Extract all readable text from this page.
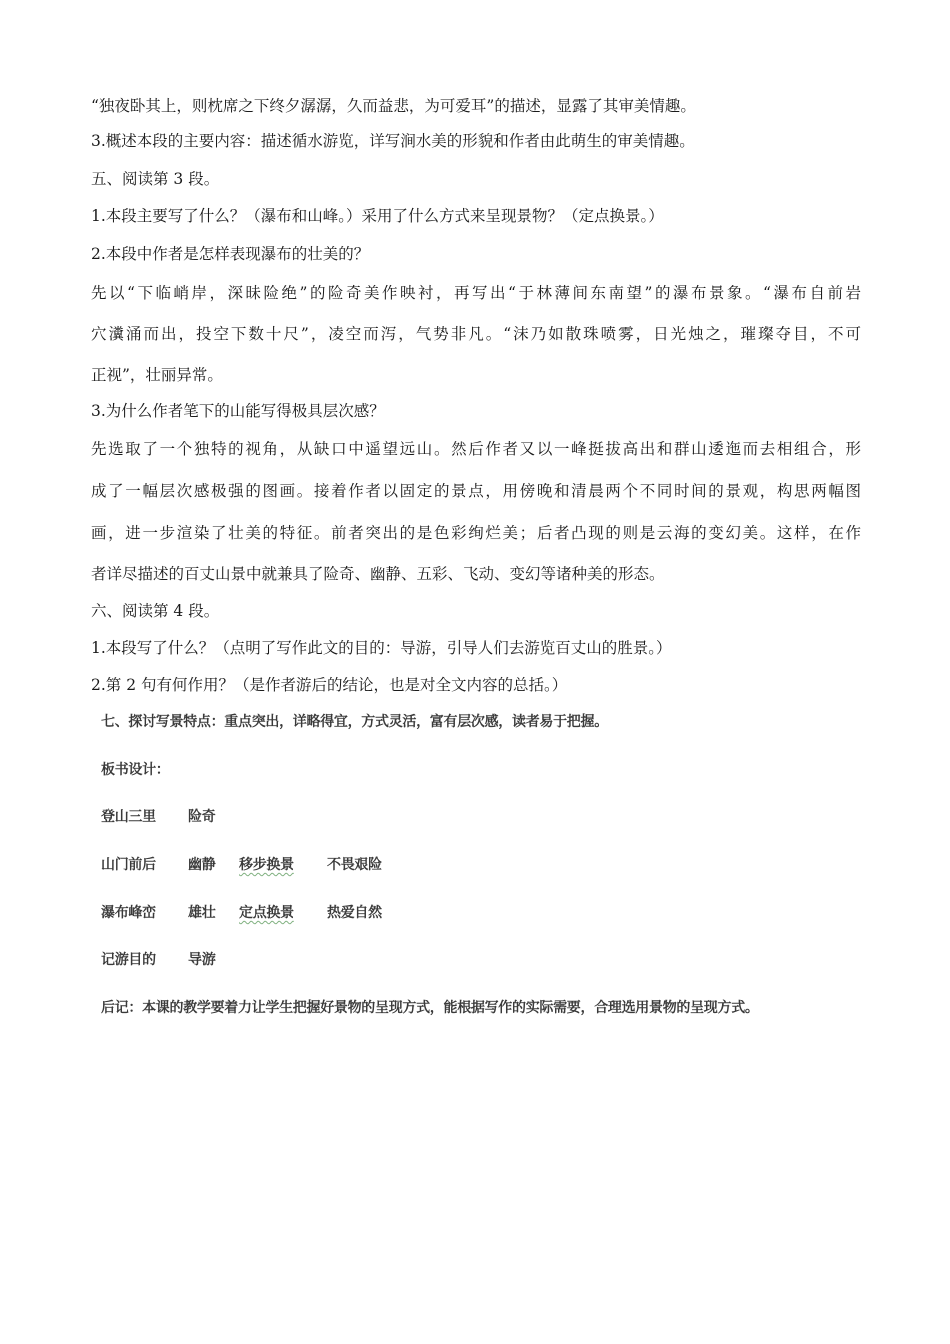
“独夜卧其上，则枕席之下终夕潺潺，久而益悲，为可爱耳”的描述，显露了其审美情趣。
3.概述本段的主要内容：描述循水游览，详写涧水美的形貌和作者由此萌生的审美情趣。
五、阅读第 3 段。
1.本段主要写了什么？（瀑布和山峰。）采用了什么方式来呈现景物？（定点换景。）
2.本段中作者是怎样表现瀑布的壮美的？
先以“下临峭岸，深昧险绝”的险奇美作映衬，再写出“于林薄间东南望”的瀑布景象。“瀑布自前岩
穴瀵涌而出，投空下数十尺”，凌空而泻，气势非凡。“沫乃如散珠喷雾，日光烛之，璀璨夺目，不可
正视”，壮丽异常。
3.为什么作者笔下的山能写得极具层次感？
先选取了一个独特的视角，从缺口中遥望远山。然后作者又以一峰挺拔高出和群山逶迤而去相组合，形
成了一幅层次感极强的图画。接着作者以固定的景点，用傍晚和清晨两个不同时间的景观，构思两幅图
画，进一步渲染了壮美的特征。前者突出的是色彩绚烂美；后者凸现的则是云海的变幻美。这样，在作
者详尽描述的百丈山景中就兼具了险奇、幽静、五彩、飞动、变幻等诸种美的形态。
六、阅读第 4 段。
1.本段写了什么？（点明了写作此文的目的：导游，引导人们去游览百丈山的胜景。）
2.第 2 句有何作用？（是作者游后的结论，也是对全文内容的总括。）
七、探讨写景特点：重点突出，详略得宜，方式灵活，富有层次感，读者易于把握。
板书设计：
登山三里 险奇
山门前后 幽静 移步换景 不畏艰险
瀑布峰峦 雄壮 定点换景 热爱自然
记游目的 导游
后记：本课的教学要着力让学生把握好景物的呈现方式，能根据写作的实际需要，合理选用景物的呈现方式。
